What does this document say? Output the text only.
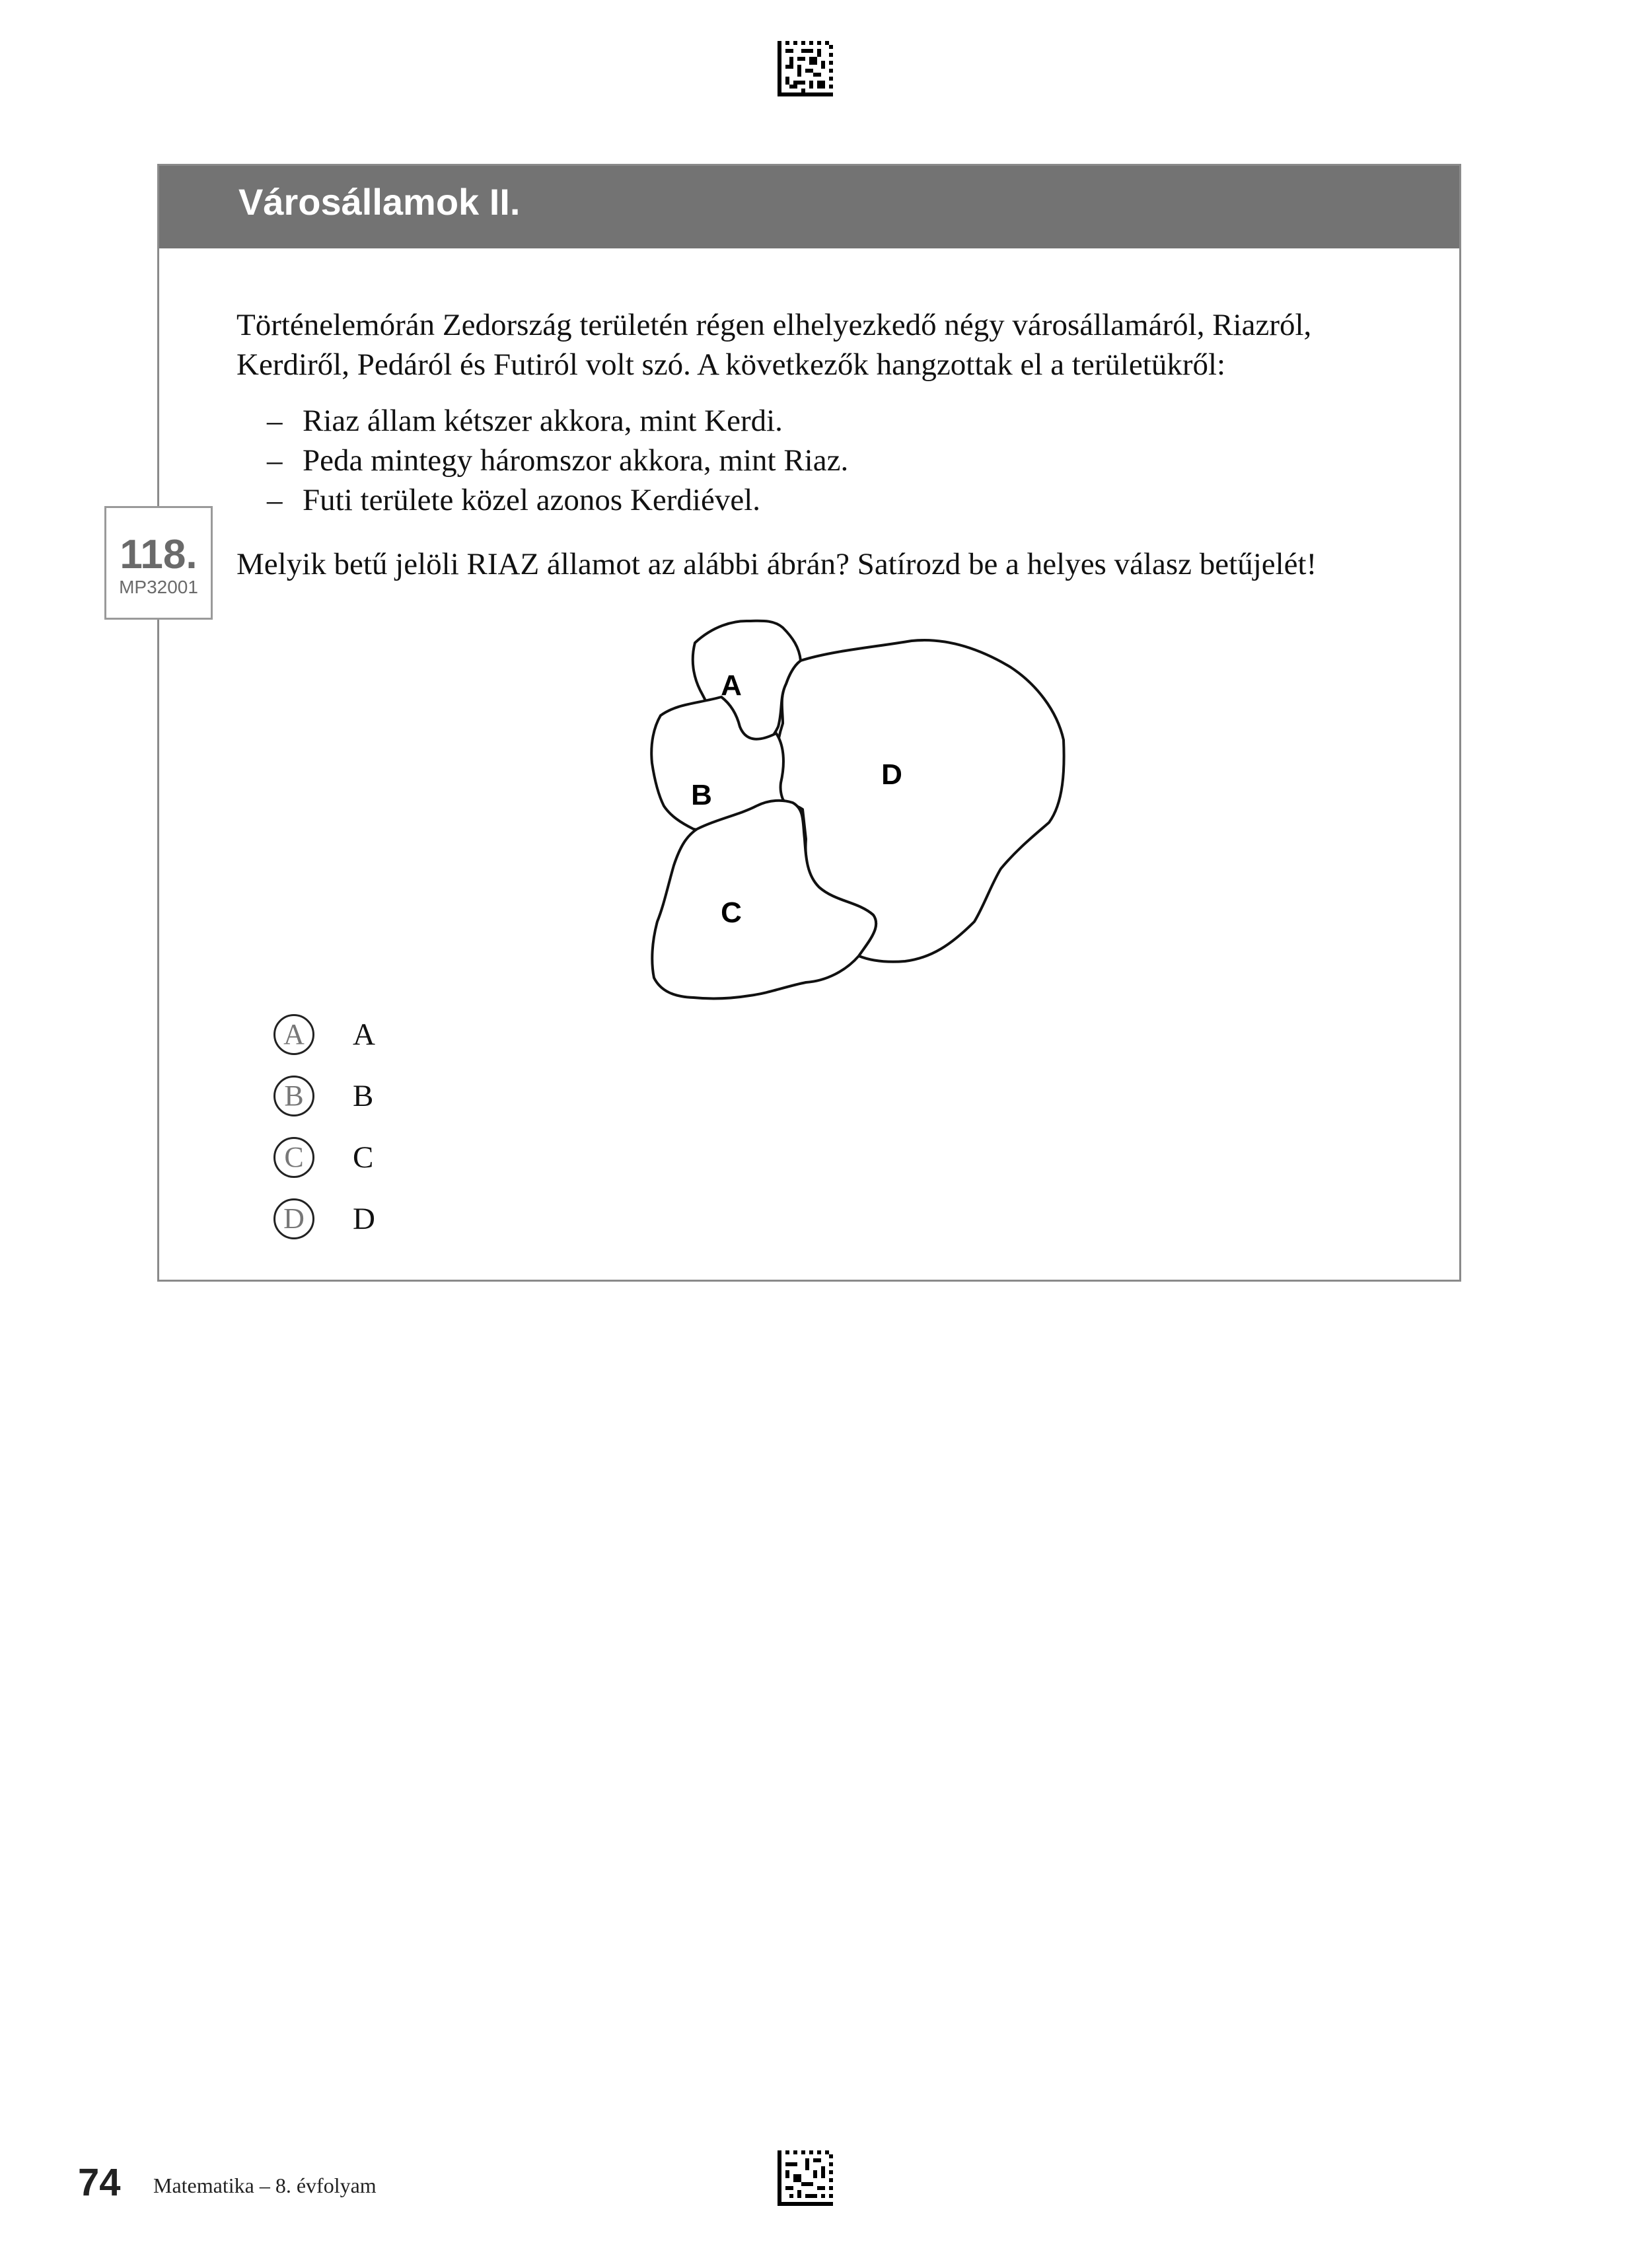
Városállamok II.
118.
MP32001

Történelemórán Zedország területén régen elhelyezkedő négy városállamáról, Riazról, Kerdiről, Pedáról és Futiról volt szó. A következők hangzottak el a területükről:

– Riaz állam kétszer akkora, mint Kerdi.
– Peda mintegy háromszor akkora, mint Riaz.
– Futi területe közel azonos Kerdiével.

Melyik betű jelöli RIAZ államot az alábbi ábrán? Satírozd be a helyes válasz betűjelét!

A
B
C
D
A	A
B	B
C	C
D	D
74 Matematika – 8. évfolyam
